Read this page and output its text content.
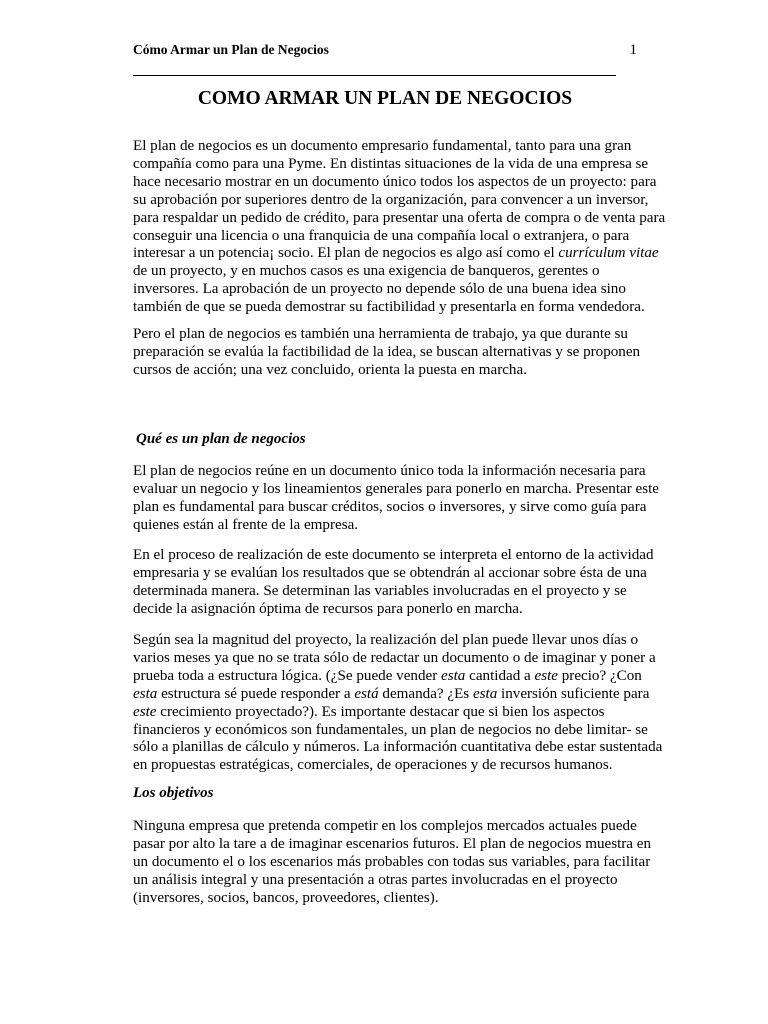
Cómo Armar un Plan de Negocios	1
COMO ARMAR UN PLAN DE NEGOCIOS

El plan de negocios es un documento empresario fundamental, tanto para una gran
compañía como para una Pyme. En distintas situaciones de la vida de una empresa se
hace necesario mostrar en un documento único todos los aspectos de un proyecto: para
su aprobación por superiores dentro de la organización, para convencer a un inversor,
para respaldar un pedido de crédito, para presentar una oferta de compra o de venta para
conseguir una licencia o una franquicia de una compañía local o extranjera, o para
interesar a un potencia¡ socio. El plan de negocios es algo así como el currículum vitae
de un proyecto, y en muchos casos es una exigencia de banqueros, gerentes o
inversores. La aprobación de un proyecto no depende sólo de una buena idea sino
también de que se pueda demostrar su factibilidad y presentarla en forma vendedora.

Pero el plan de negocios es también una herramienta de trabajo, ya que durante su
preparación se evalúa la factibilidad de la idea, se buscan alternativas y se proponen
cursos de acción; una vez concluido, orienta la puesta en marcha.

Qué es un plan de negocios

El plan de negocios reúne en un documento único toda la información necesaria para
evaluar un negocio y los lineamientos generales para ponerlo en marcha. Presentar este
plan es fundamental para buscar créditos, socios o inversores, y sirve como guía para
quienes están al frente de la empresa.

En el proceso de realización de este documento se interpreta el entorno de la actividad
empresaria y se evalúan los resultados que se obtendrán al accionar sobre ésta de una
determinada manera. Se determinan las variables involucradas en el proyecto y se
decide la asignación óptima de recursos para ponerlo en marcha.

Según sea la magnitud del proyecto, la realización del plan puede llevar unos días o
varios meses ya que no se trata sólo de redactar un documento o de imaginar y poner a
prueba toda a estructura lógica. (¿Se puede vender esta cantidad a este precio? ¿Con
esta estructura sé puede responder a está demanda? ¿Es esta inversión suficiente para
este crecimiento proyectado?). Es importante destacar que si bien los aspectos
financieros y económicos son fundamentales, un plan de negocios no debe limitar- se
sólo a planillas de cálculo y números. La información cuantitativa debe estar sustentada
en propuestas estratégicas, comerciales, de operaciones y de recursos humanos.

Los objetivos

Ninguna empresa que pretenda competir en los complejos mercados actuales puede
pasar por alto la tare a de imaginar escenarios futuros. El plan de negocios muestra en
un documento el o los escenarios más probables con todas sus variables, para facilitar
un análisis integral y una presentación a otras partes involucradas en el proyecto
(inversores, socios, bancos, proveedores, clientes).
